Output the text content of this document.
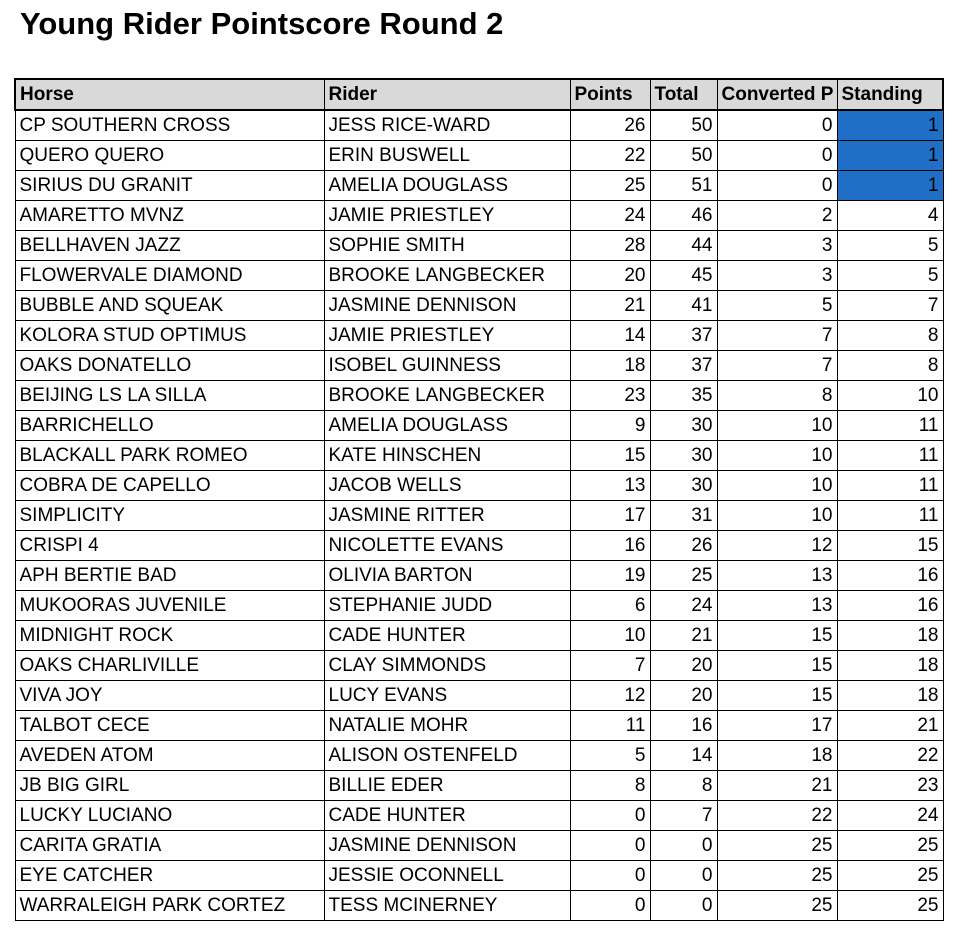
Young Rider Pointscore Round 2
Horse	Rider	Points	Total	Converted P	Standing
CP SOUTHERN CROSS	JESS RICE-WARD	26	50	0	1
QUERO QUERO	ERIN BUSWELL	22	50	0	1
SIRIUS DU GRANIT	AMELIA DOUGLASS	25	51	0	1
AMARETTO MVNZ	JAMIE PRIESTLEY	24	46	2	4
BELLHAVEN JAZZ	SOPHIE SMITH	28	44	3	5
FLOWERVALE DIAMOND	BROOKE LANGBECKER	20	45	3	5
BUBBLE AND SQUEAK	JASMINE DENNISON	21	41	5	7
KOLORA STUD OPTIMUS	JAMIE PRIESTLEY	14	37	7	8
OAKS DONATELLO	ISOBEL GUINNESS	18	37	7	8
BEIJING LS LA SILLA	BROOKE LANGBECKER	23	35	8	10
BARRICHELLO	AMELIA DOUGLASS	9	30	10	11
BLACKALL PARK ROMEO	KATE HINSCHEN	15	30	10	11
COBRA DE CAPELLO	JACOB WELLS	13	30	10	11
SIMPLICITY	JASMINE RITTER	17	31	10	11
CRISPI 4	NICOLETTE EVANS	16	26	12	15
APH BERTIE BAD	OLIVIA BARTON	19	25	13	16
MUKOORAS JUVENILE	STEPHANIE JUDD	6	24	13	16
MIDNIGHT ROCK	CADE HUNTER	10	21	15	18
OAKS CHARLIVILLE	CLAY SIMMONDS	7	20	15	18
VIVA JOY	LUCY EVANS	12	20	15	18
TALBOT CECE	NATALIE MOHR	11	16	17	21
AVEDEN ATOM	ALISON OSTENFELD	5	14	18	22
JB BIG GIRL	BILLIE EDER	8	8	21	23
LUCKY LUCIANO	CADE HUNTER	0	7	22	24
CARITA GRATIA	JASMINE DENNISON	0	0	25	25
EYE CATCHER	JESSIE OCONNELL	0	0	25	25
WARRALEIGH PARK CORTEZ	TESS MCINERNEY	0	0	25	25
